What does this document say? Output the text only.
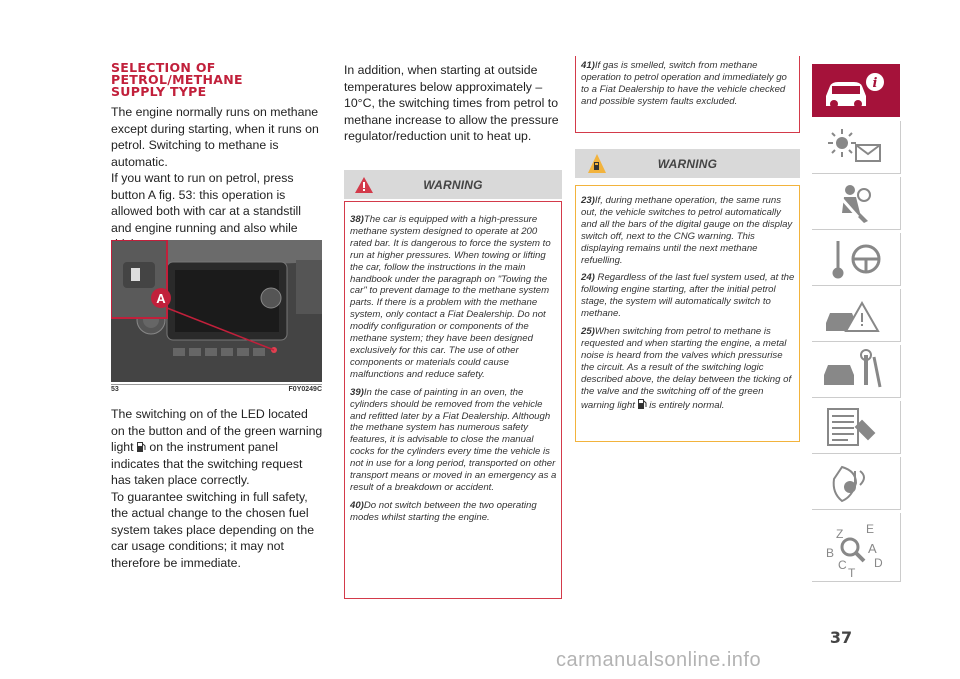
SELECTION OF
PETROL/METHANE
SUPPLY TYPE

The engine normally runs on methane except during starting, when it runs on petrol. Switching to methane is automatic.

If you want to run on petrol, press button A fig. 53: this operation is allowed both with car at a standstill and engine running and also while

A
53	F0Y0249C

The switching on of the LED located on the button and of the green warning light on the instrument panel indicates that the switching request has taken place correctly.

To guarantee switching in full safety, the actual change to the chosen fuel system takes place depending on the car usage conditions; it may not therefore be immediate.

In addition, when starting at outside temperatures below approximately –10°C, the switching times from petrol to methane increase to allow the pressure regulator/reduction unit to heat up.

WARNING

38)The car is equipped with a high-pressure methane system designed to operate at 200 rated bar. It is dangerous to force the system to run at higher pressures. When towing or lifting the car, follow the instructions in the main handbook under the paragraph on "Towing the car" to prevent damage to the methane system parts. If there is a problem with the methane system, only contact a Fiat Dealership. Do not modify configuration or components of the methane system; they have been designed exclusively for this car. The use of other components or materials could cause malfunctions and reduce safety.

39)In the case of painting in an oven, the cylinders should be removed from the vehicle and refitted later by a Fiat Dealership. Although the methane system has numerous safety features, it is advisable to close the manual cocks for the cylinders every time the vehicle is not in use for a long period, transported on other transport means or moved in an emergency as a result of a breakdown or accident.

40)Do not switch between the two operating modes whilst starting the engine.

41)If gas is smelled, switch from methane operation to petrol operation and immediately go to a Fiat Dealership to have the vehicle checked and possible system faults excluded.

WARNING

23)If, during methane operation, the same runs out, the vehicle switches to petrol automatically and all the bars of the digital gauge on the display switch off, next to the CNG warning. This displaying remains until the next methane refuelling.

24) Regardless of the last fuel system used, at the following engine starting, after the initial petrol stage, the system will automatically switch to methane.

25)When switching from petrol to methane is requested and when starting the engine, a metal noise is heard from the valves which pressurise the circuit. As a result of the switching logic described above, the delay between the ticking of the valve and the switching off of the green warning light is entirely normal.

i
Z E
B	A
C
T
D
37
carmanualsonline.info
